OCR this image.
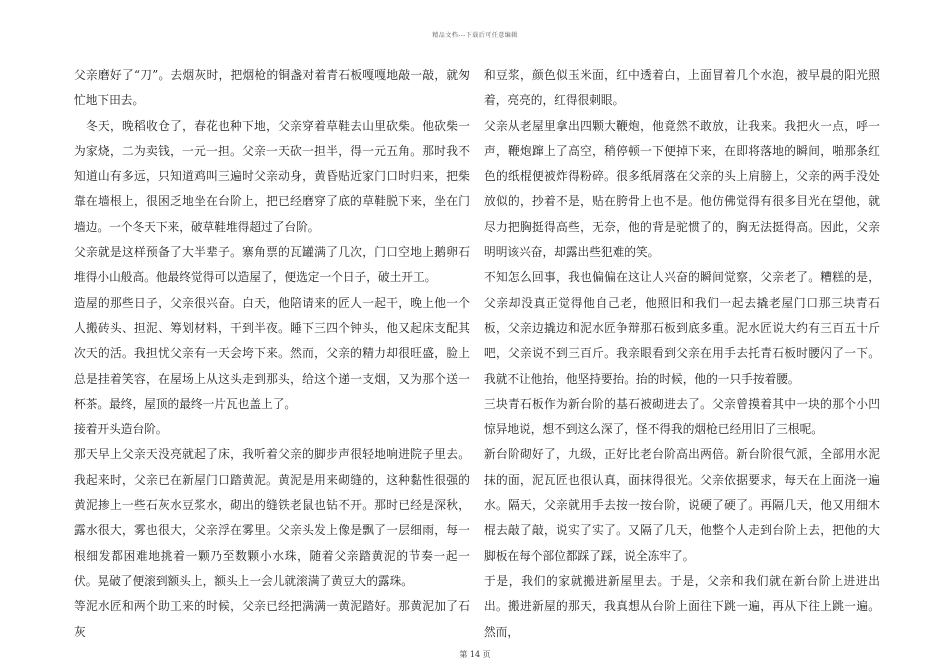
精品文档---下载后可任意编辑

父亲磨好了“刀”。去烟灰时，把烟枪的铜盏对着青石板嘎嘎地敲一敲，就匆忙地下田去。

　冬天，晚稻收仓了，春花也种下地，父亲穿着草鞋去山里砍柴。他砍柴一为家烧，二为卖钱，一元一担。父亲一天砍一担半，得一元五角。那时我不知道山有多远，只知道鸡叫三遍时父亲动身，黄昏贴近家门口时归来，把柴靠在墙根上，很困乏地坐在台阶上，把已经磨穿了底的草鞋脱下来，坐在门墙边。一个冬天下来，破草鞋堆得超过了台阶。

父亲就是这样预备了大半辈子。寨角票的瓦罐满了几次，门口空地上鹅卵石堆得小山般高。他最终觉得可以造屋了，便选定一个日子，破土开工。

造屋的那些日子，父亲很兴奋。白天，他陪请来的匠人一起干，晚上他一个人搬砖头、担泥、筹划材料，干到半夜。睡下三四个钟头，他又起床支配其次天的活。我担忧父亲有一天会垮下来。然而，父亲的精力却很旺盛，脸上总是挂着笑容，在屋场上从这头走到那头，给这个递一支烟，又为那个送一杯茶。最终，屋顶的最终一片瓦也盖上了。

接着开头造台阶。

那天早上父亲天没亮就起了床，我听着父亲的脚步声很轻地响进院子里去。我起来时，父亲已在新屋门口踏黄泥。黄泥是用来砌缝的，这种黏性很强的黄泥掺上一些石灰水豆浆水，砌出的缝铁老鼠也钻不开。那时已经是深秋，露水很大，雾也很大，父亲浮在雾里。父亲头发上像是飘了一层细雨，每一根细发都困难地挑着一颗乃至数颗小水珠，随着父亲踏黄泥的节奏一起一伏。晃破了便滚到额头上，额头上一会儿就滚满了黄豆大的露珠。

等泥水匠和两个助工来的时候，父亲已经把满满一黄泥踏好。那黄泥加了石灰

和豆浆，颜色似玉米面，红中透着白，上面冒着几个水泡，被早晨的阳光照着，亮亮的，红得很刺眼。

父亲从老屋里拿出四颗大鞭炮，他竟然不敢放，让我来。我把火一点，呼一声，鞭炮蹿上了高空，稍停顿一下便掉下来，在即将落地的瞬间，啪那条红色的纸棍便被炸得粉碎。很多纸屑落在父亲的头上肩膀上，父亲的两手没处放似的，抄着不是，贴在胯骨上也不是。他仿佛觉得有很多目光在望他，就尽力把胸挺得高些，无奈，他的背是驼惯了的，胸无法挺得高。因此，父亲明明该兴奋，却露出些犯难的笑。

不知怎么回事，我也偏偏在这让人兴奋的瞬间觉察，父亲老了。糟糕的是，父亲却没真正觉得他自己老，他照旧和我们一起去撬老屋门口那三块青石板，父亲边撬边和泥水匠争辩那石板到底多重。泥水匠说大约有三百五十斤吧，父亲说不到三百斤。我亲眼看到父亲在用手去托青石板时腰闪了一下。我就不让他抬，他坚持要抬。抬的时候，他的一只手按着腰。

三块青石板作为新台阶的基石被砌进去了。父亲曾摸着其中一块的那个小凹惊异地说，想不到这么深了，怪不得我的烟枪已经用旧了三根呢。

新台阶砌好了，九级，正好比老台阶高出两倍。新台阶很气派，全部用水泥抹的面，泥瓦匠也很认真，面抹得很光。父亲依据要求，每天在上面浇一遍水。隔天，父亲就用手去按一按台阶，说硬了硬了。再隔几天，他又用细木棍去敲了敲，说实了实了。又隔了几天，他整个人走到台阶上去，把他的大脚板在每个部位都踩了踩，说全冻牢了。

于是，我们的家就搬进新屋里去。于是，父亲和我们就在新台阶上进进出出。搬进新屋的那天，我真想从台阶上面往下跳一遍，再从下往上跳一遍。然而，

第 14 页
